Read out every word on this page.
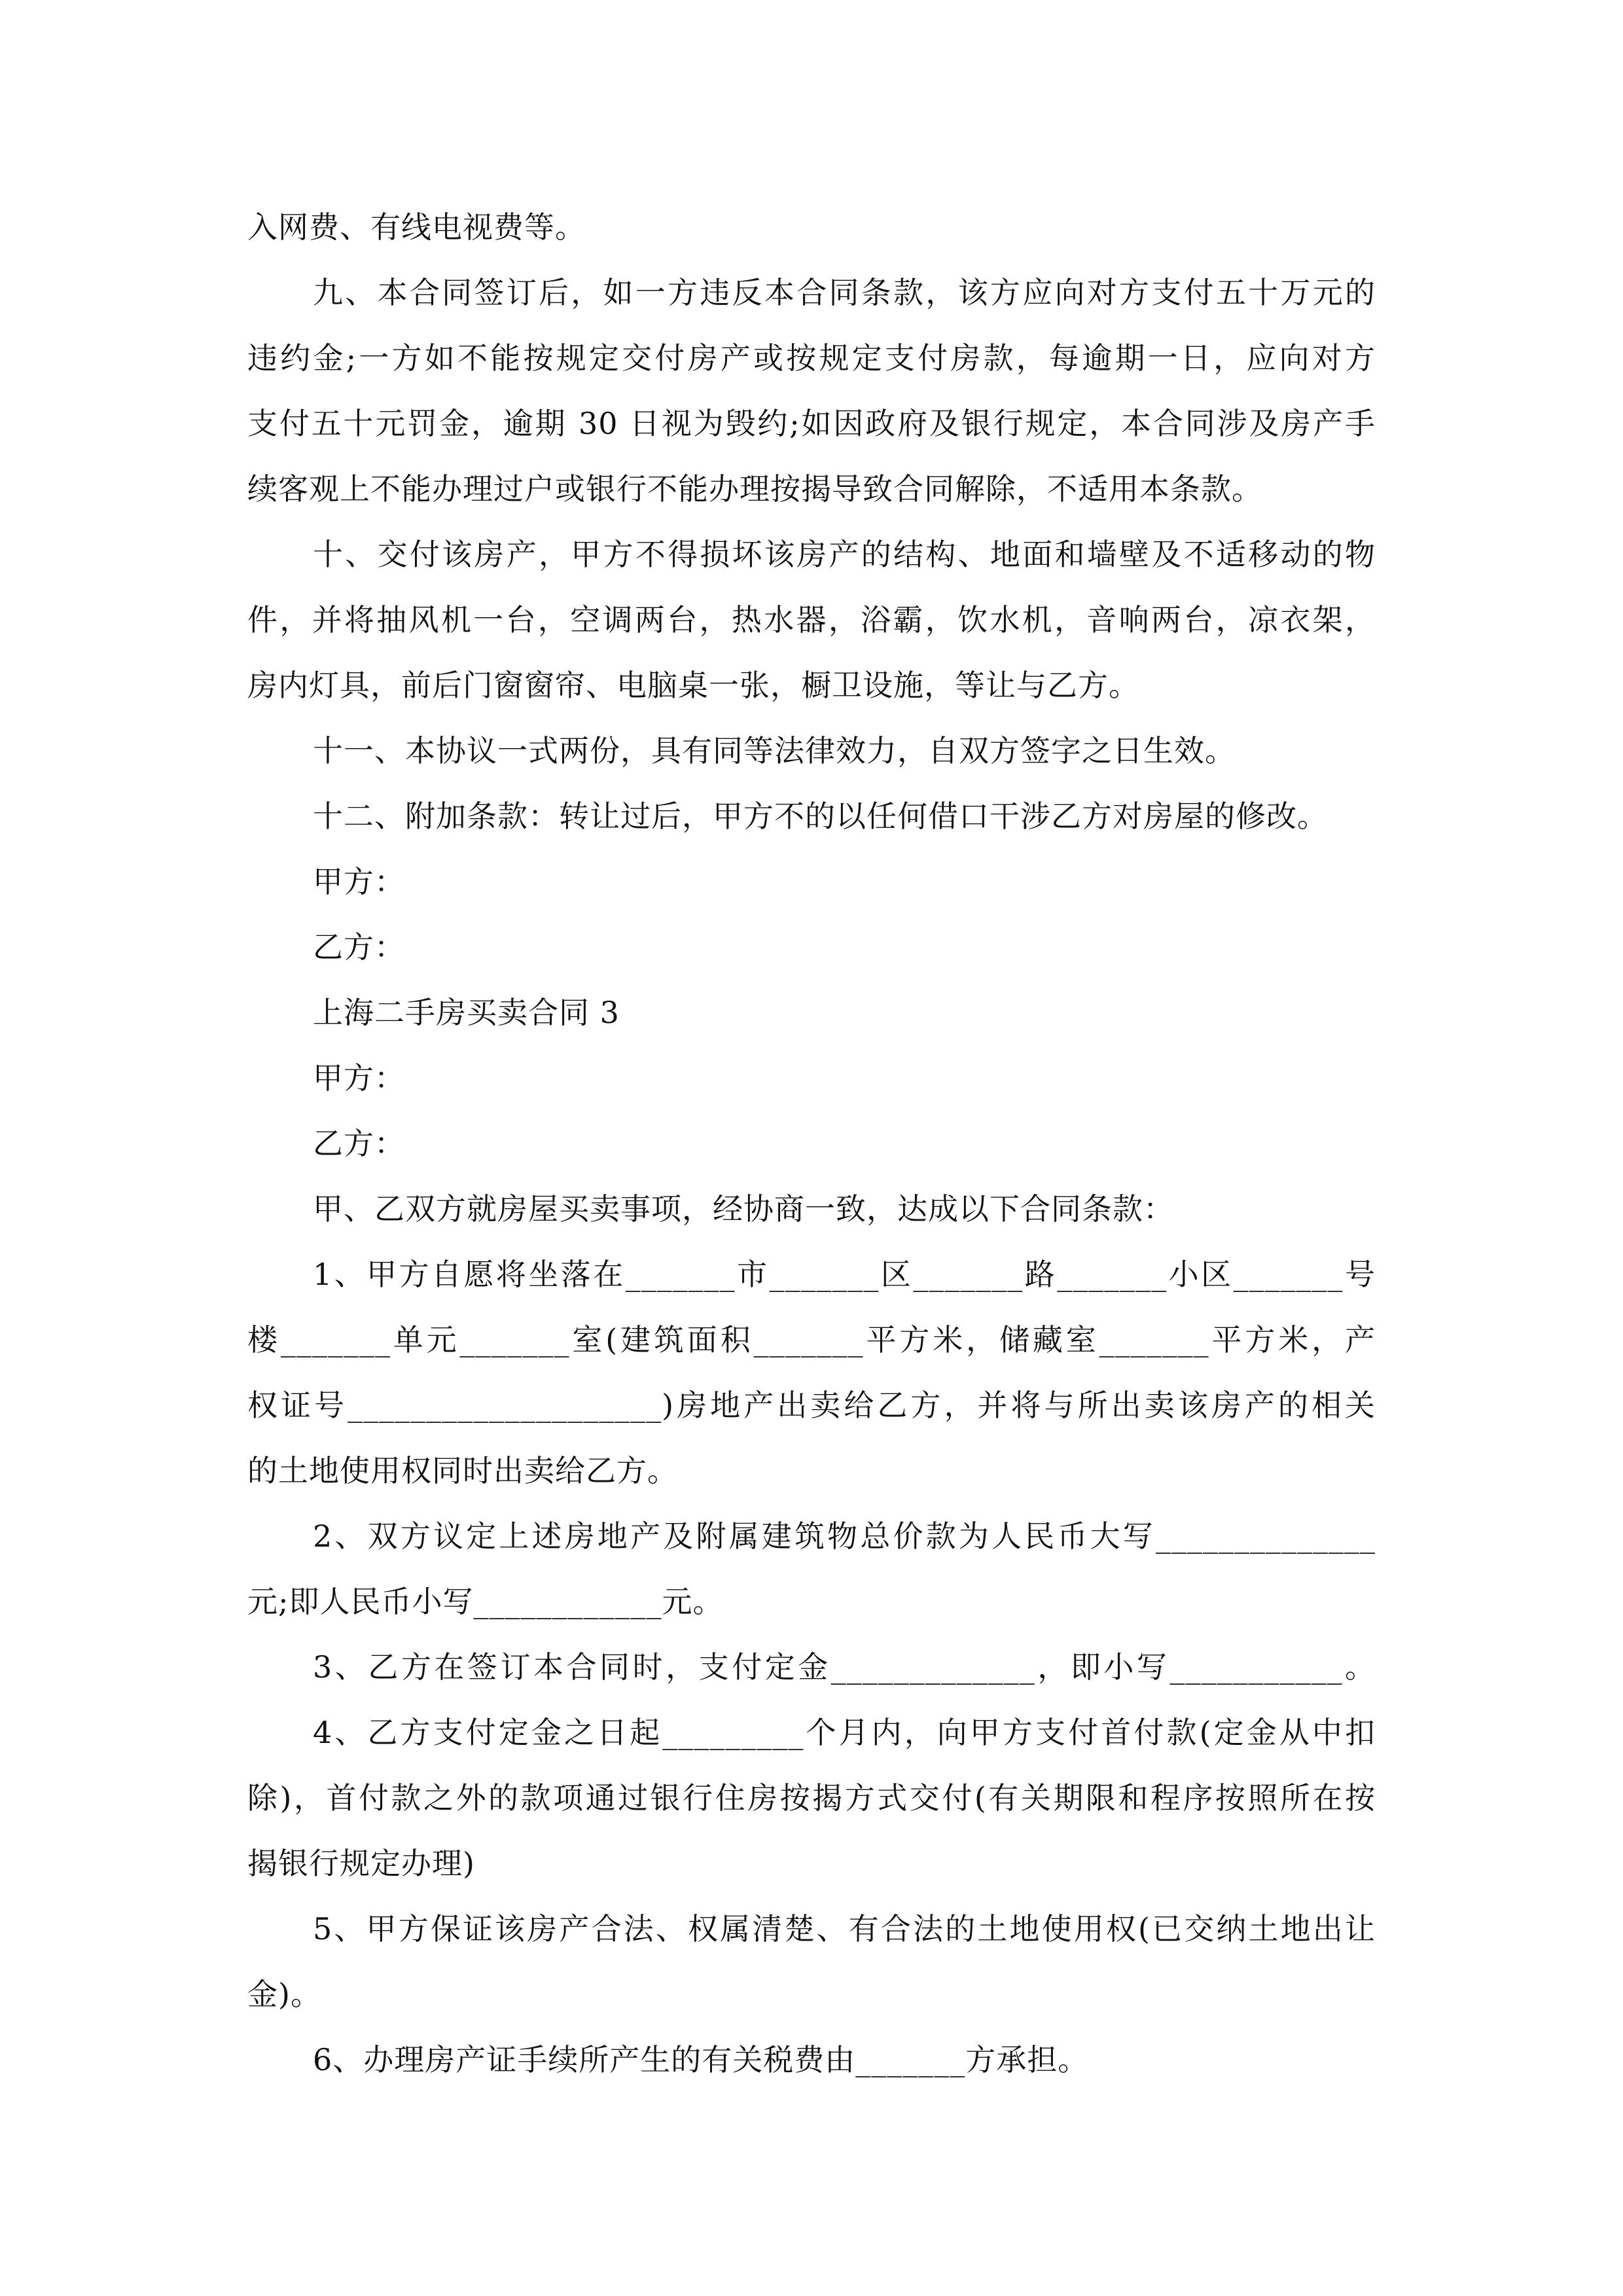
入网费、有线电视费等。
九、本合同签订后，如一方违反本合同条款，该方应向对方支付五十万元的
违约金;一方如不能按规定交付房产或按规定支付房款，每逾期一日，应向对方
支付五十元罚金，逾期 30 日视为毁约;如因政府及银行规定，本合同涉及房产手
续客观上不能办理过户或银行不能办理按揭导致合同解除，不适用本条款。
十、交付该房产，甲方不得损坏该房产的结构、地面和墙壁及不适移动的物
件，并将抽风机一台，空调两台，热水器，浴霸，饮水机，音响两台，凉衣架，
房内灯具，前后门窗窗帘、电脑桌一张，橱卫设施，等让与乙方。
十一、本协议一式两份，具有同等法律效力，自双方签字之日生效。
十二、附加条款：转让过后，甲方不的以任何借口干涉乙方对房屋的修改。
甲方：
乙方：
上海二手房买卖合同 3
甲方：
乙方：
甲、乙双方就房屋买卖事项，经协商一致，达成以下合同条款：
1、甲方自愿将坐落在_______市_______区_______路_______小区_______号
楼_______单元_______室(建筑面积_______平方米，储藏室_______平方米，产
权证号____________________)房地产出卖给乙方，并将与所出卖该房产的相关
的土地使用权同时出卖给乙方。
2、双方议定上述房地产及附属建筑物总价款为人民币大写______________
元;即人民币小写____________元。
3、乙方在签订本合同时，支付定金_____________，即小写___________。
4、乙方支付定金之日起_________个月内，向甲方支付首付款(定金从中扣
除)，首付款之外的款项通过银行住房按揭方式交付(有关期限和程序按照所在按
揭银行规定办理)
5、甲方保证该房产合法、权属清楚、有合法的土地使用权(已交纳土地出让
金)。
6、办理房产证手续所产生的有关税费由_______方承担。
